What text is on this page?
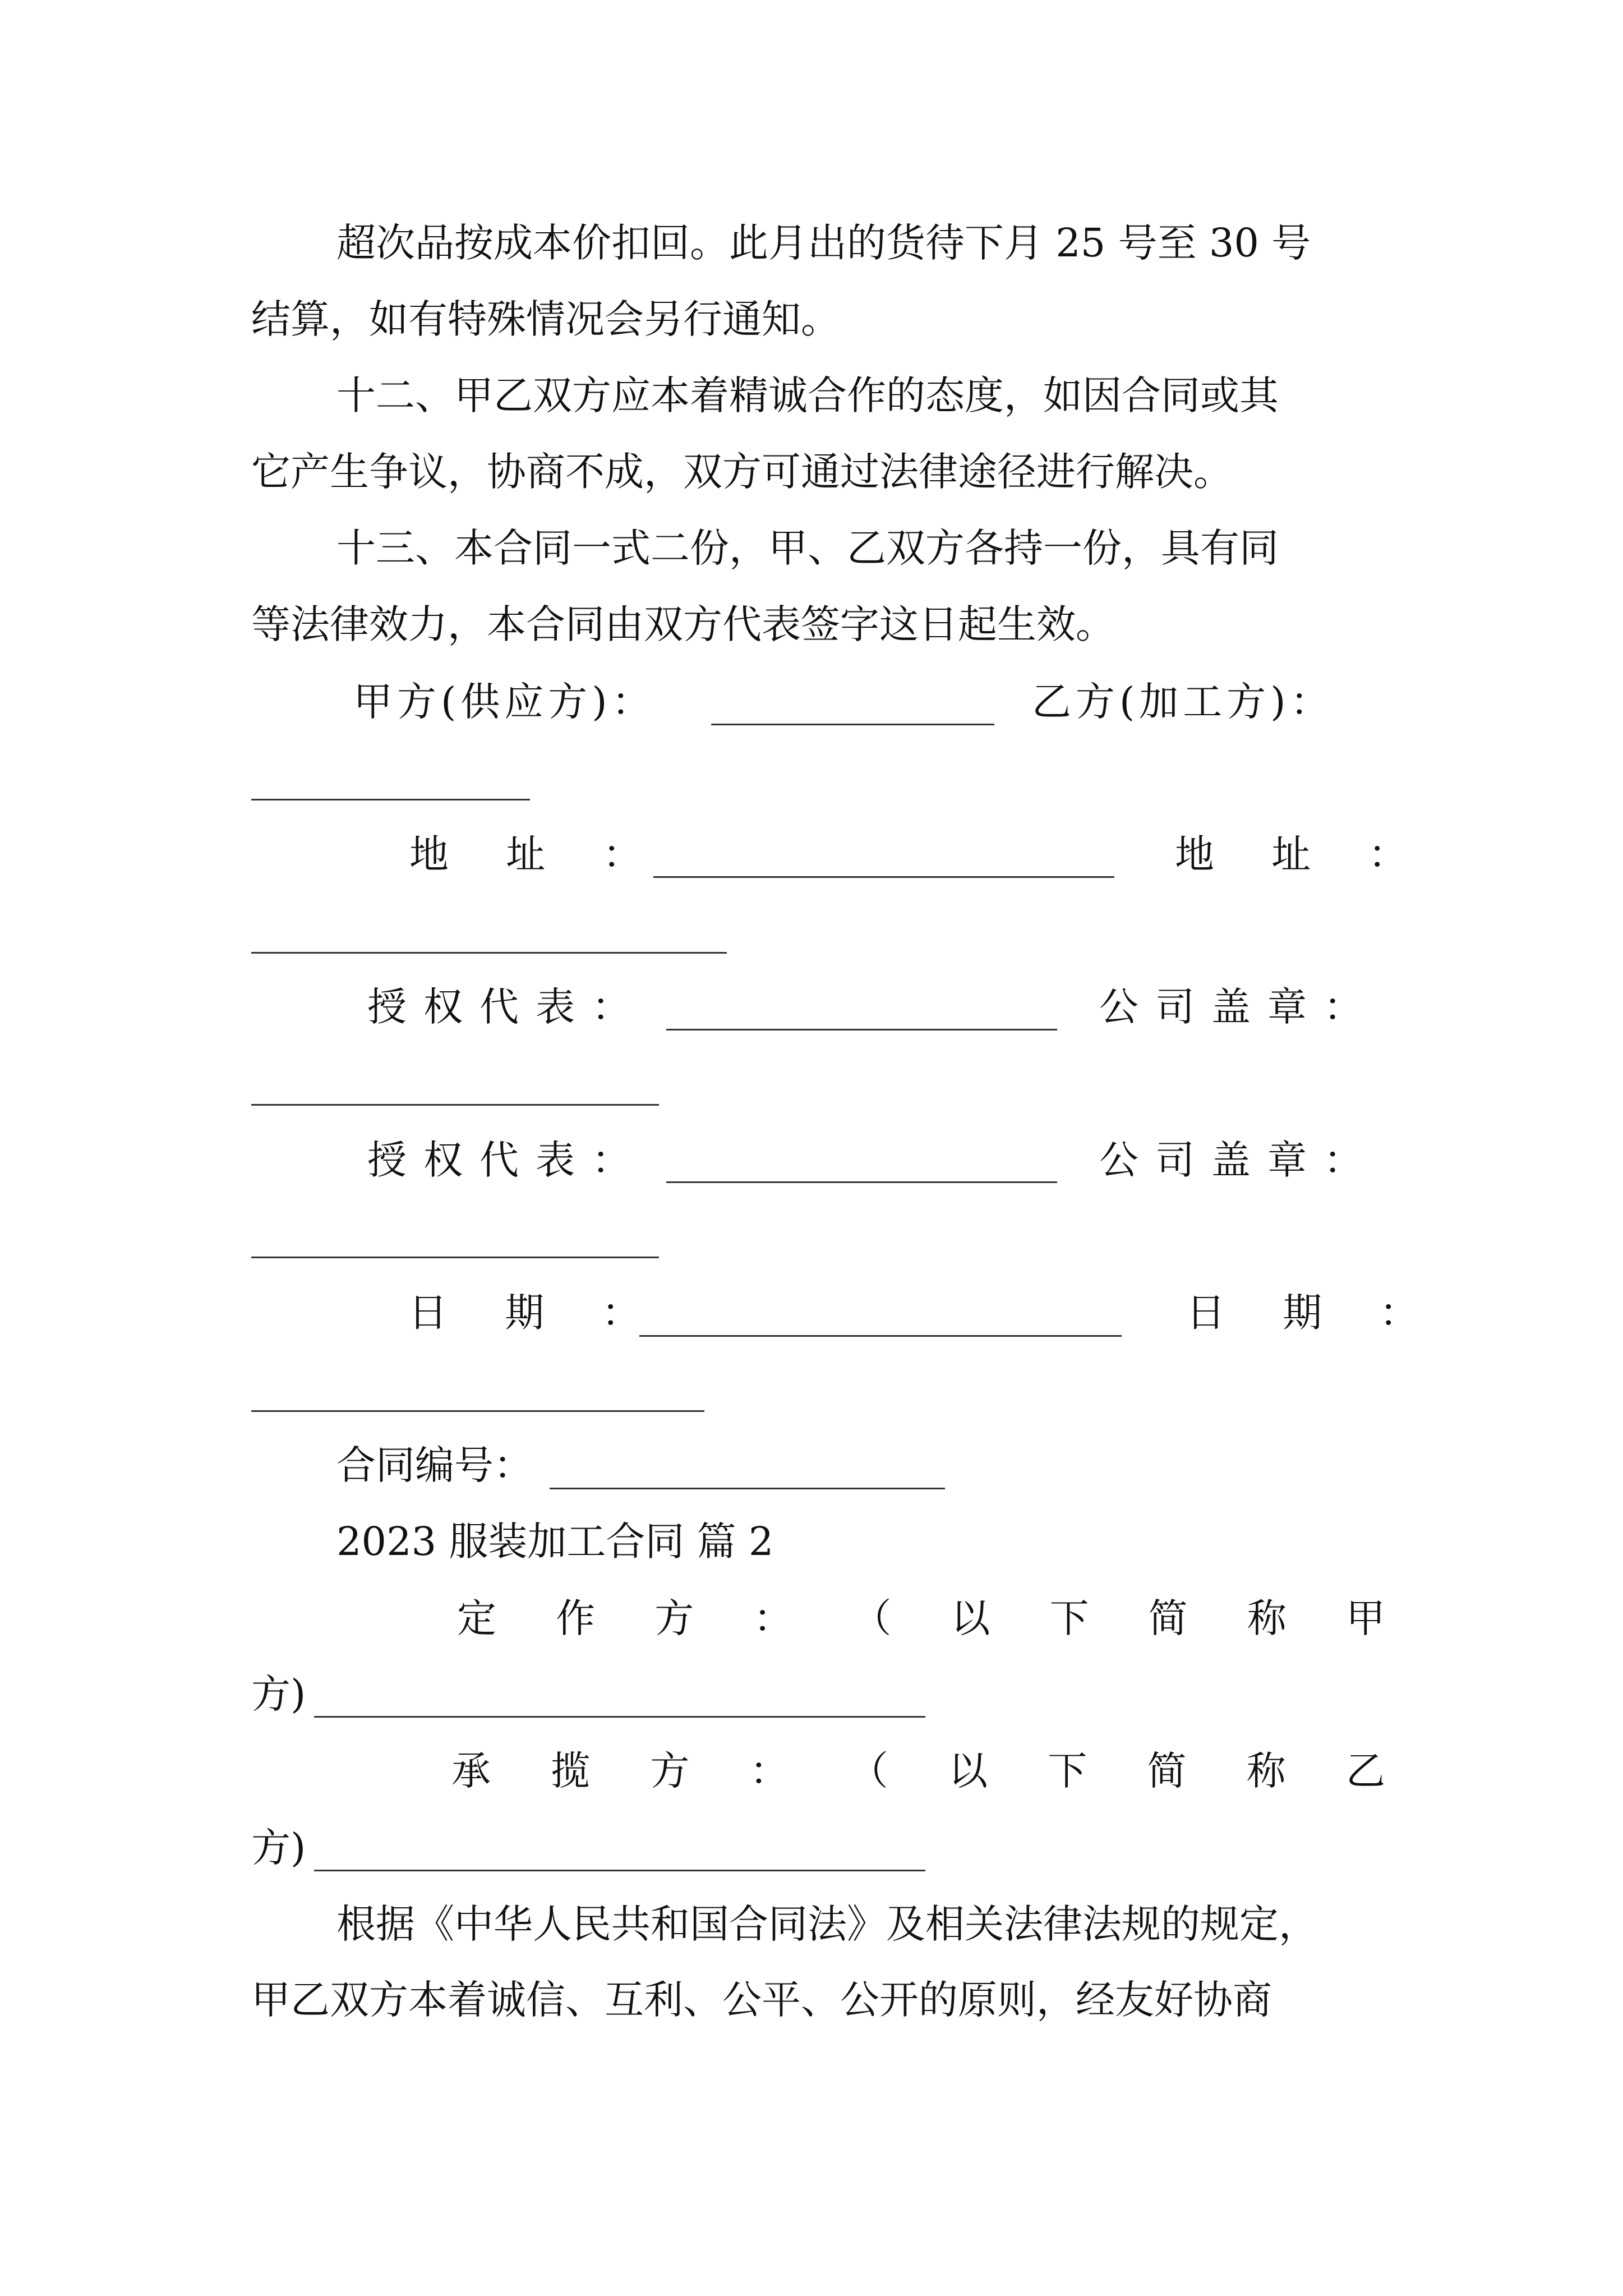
超次品按成本价扣回。此月出的货待下月 25 号至 30 号
结算，如有特殊情况会另行通知。
十二、甲乙双方应本着精诚合作的态度，如因合同或其
它产生争议，协商不成，双方可通过法律途径进行解决。
十三、本合同一式二份，甲、乙双方各持一份，具有同
等法律效力，本合同由双方代表签字这日起生效。
甲方(供应方)：	乙方(加工方)：
地 址 ：	地 址 ：
授权代表：	公司盖章：
授权代表：	公司盖章：
日 期 ：	日 期 ：
合同编号：
2023 服装加工合同 篇 2
定 作 方 ： （ 以 下 简 称 甲
方)
承 揽 方 ： （ 以 下 简 称 乙
方)
根据《中华人民共和国合同法》及相关法律法规的规定，
甲乙双方本着诚信、互利、公平、公开的原则，经友好协商
